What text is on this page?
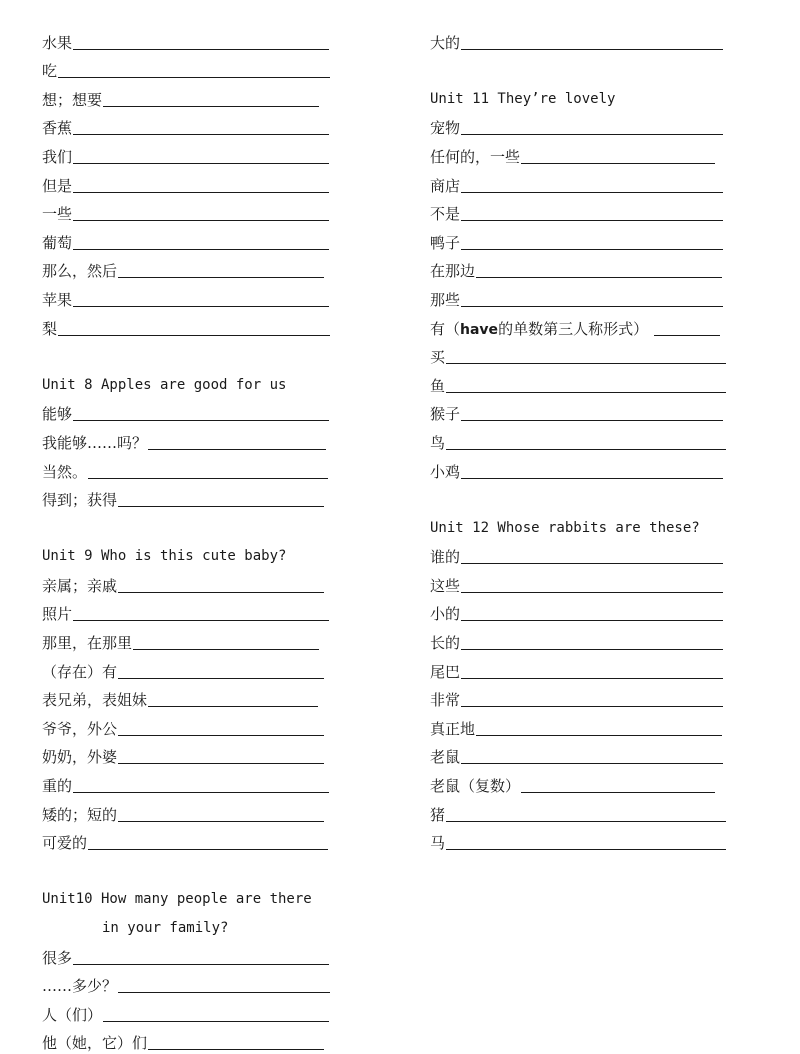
水果
吃
想；想要
香蕉
我们
但是
一些
葡萄
那么，然后
苹果
梨
Unit 8 Apples are good for us
能够
我能够……吗？
当然。
得到；获得
Unit 9 Who is this cute baby?
亲属；亲戚
照片
那里，在那里
（存在）有
表兄弟，表姐妹
爷爷，外公
奶奶，外婆
重的
矮的；短的
可爱的
Unit10 How many people are there
in your family?
很多
……多少？
人（们）
他（她，它）们
大的
Unit 11 They’re lovely
宠物
任何的，一些
商店
不是
鸭子
在那边
那些
有（have的单数第三人称形式）
买
鱼
猴子
鸟
小鸡
Unit 12 Whose rabbits are these?
谁的
这些
小的
长的
尾巴
非常
真正地
老鼠
老鼠（复数）
猪
马
